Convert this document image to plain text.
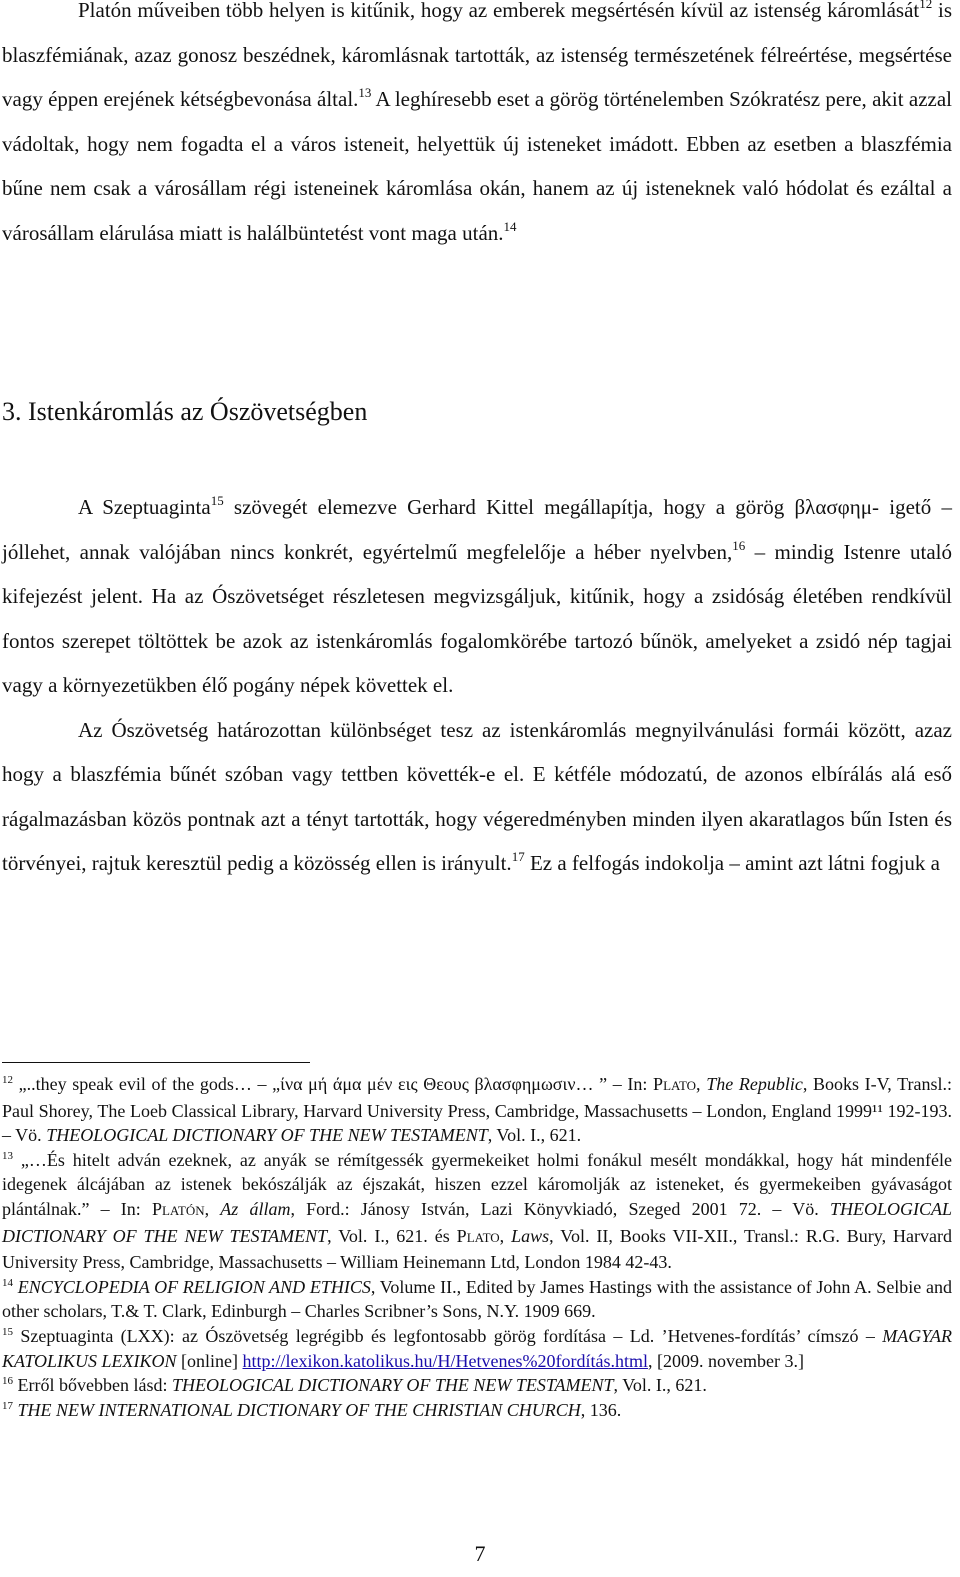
Platón műveiben több helyen is kitűnik, hogy az emberek megsértésén kívül az istenség káromlását$^{12}$ is blaszfémiának, azaz gonosz beszédnek, káromlásnak tartották, az istenség természetének félreértése, megsértése vagy éppen erejének kétségbevonása által.$^{13}$ A leghíresebb eset a görög történelemben Szókratész pere, akit azzal vádoltak, hogy nem fogadta el a város isteneit, helyettük új isteneket imádott. Ebben az esetben a blaszfémia bűne nem csak a városállam régi isteneinek káromlása okán, hanem az új isteneknek való hódolat és ezáltal a városállam elárulása miatt is halálbüntetést vont maga után.$^{14}$

3. Istenkáromlás az Ószövetségben

A Szeptuaginta$^{15}$ szövegét elemezve Gerhard Kittel megállapítja, hogy a görög βλασφημ- igető – jóllehet, annak valójában nincs konkrét, egyértelmű megfelelője a héber nyelvben,$^{16}$ – mindig Istenre utaló kifejezést jelent. Ha az Ószövetséget részletesen megvizsgáljuk, kitűnik, hogy a zsidóság életében rendkívül fontos szerepet töltöttek be azok az istenkáromlás fogalomkörébe tartozó bűnök, amelyeket a zsidó nép tagjai vagy a környezetükben élő pogány népek követtek el.

Az Ószövetség határozottan különbséget tesz az istenkáromlás megnyilvánulási formái között, azaz hogy a blaszfémia bűnét szóban vagy tettben követték-e el. E kétféle módozatú, de azonos elbírálás alá eső rágalmazásban közös pontnak azt a tényt tartották, hogy végeredményben minden ilyen akaratlagos bűn Isten és törvényei, rajtuk keresztül pedig a közösség ellen is irányult.$^{17}$ Ez a felfogás indokolja – amint azt látni fogjuk a

$^{12}$ „..they speak evil of the gods… – „ίνα μή άμα μέν εις Θεους βλασφημωσιν… ” – In: PLATO, The Republic, Books I-V, Transl.: Paul Shorey, The Loeb Classical Library, Harvard University Press, Cambridge, Massachusetts – London, England 1999¹¹ 192-193. – Vö. THEOLOGICAL DICTIONARY OF THE NEW TESTAMENT, Vol. I., 621.

$^{13}$ „…És hitelt adván ezeknek, az anyák se rémítgessék gyermekeiket holmi fonákul mesélt mondákkal, hogy hát mindenféle idegenek álcájában az istenek bekószálják az éjszakát, hiszen ezzel káromolják az isteneket, és gyermekeiben gyávaságot plántálnak.” – In: PLATÓN, Az állam, Ford.: Jánosy István, Lazi Könyvkiadó, Szeged 2001 72. – Vö. THEOLOGICAL DICTIONARY OF THE NEW TESTAMENT, Vol. I., 621. és PLATO, Laws, Vol. II, Books VII-XII., Transl.: R.G. Bury, Harvard University Press, Cambridge, Massachusetts – William Heinemann Ltd, London 1984 42-43.

$^{14}$ ENCYCLOPEDIA OF RELIGION AND ETHICS, Volume II., Edited by James Hastings with the assistance of John A. Selbie and other scholars, T.& T. Clark, Edinburgh – Charles Scribner’s Sons, N.Y. 1909 669.

$^{15}$ Szeptuaginta (LXX): az Ószövetség legrégibb és legfontosabb görög fordítása – Ld. ’Hetvenes-fordítás’ címszó – MAGYAR KATOLIKUS LEXIKON [online] http://lexikon.katolikus.hu/H/Hetvenes%20fordítás.html, [2009. november 3.]

$^{16}$ Erről bővebben lásd: THEOLOGICAL DICTIONARY OF THE NEW TESTAMENT, Vol. I., 621.

$^{17}$ THE NEW INTERNATIONAL DICTIONARY OF THE CHRISTIAN CHURCH, 136.

7
